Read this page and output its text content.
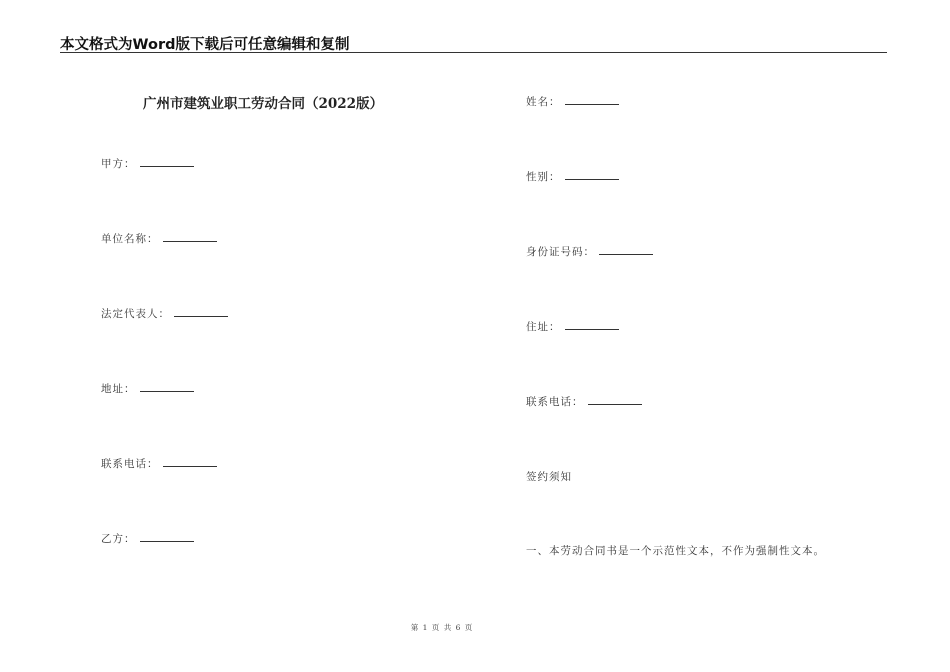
本文格式为Word版下载后可任意编辑和复制
广州市建筑业职工劳动合同（2022版）
甲方：
单位名称：
法定代表人：
地址：
联系电话：
乙方：
姓名：
性别：
身份证号码：
住址：
联系电话：
签约须知
一、本劳动合同书是一个示范性文本，不作为强制性文本。
第 1 页 共 6 页
